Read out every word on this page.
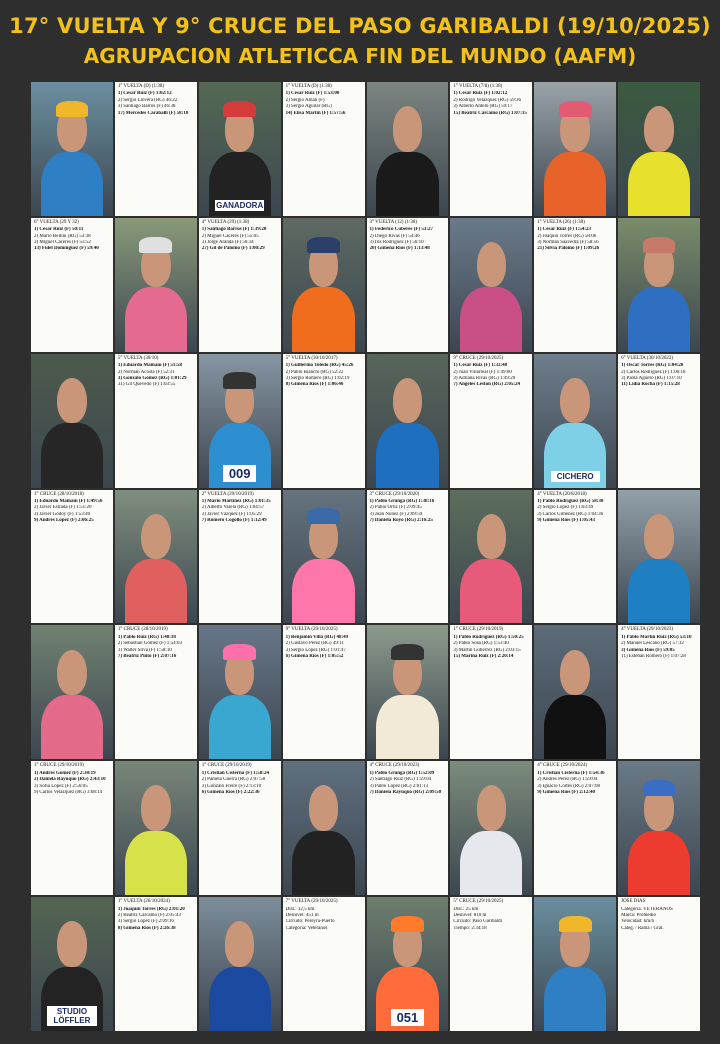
17° VUELTA Y 9° CRUCE DEL PASO GARIBALDI (19/10/2025)
AGRUPACION ATLETICCA FIN DEL MUNDO (AAFM)
1° VUELTA (D) (1:38)
1) César Ruiz (F) 1:02:12
2) Sergio Llovera (RG) 46:22
3) Santiago Barros (F) 46:38
17) Mercedes Caraballi (F) 58:10
GANADORA
1° VUELTA (D) (1:38)
1) César Ruiz (F) 1:53:00
2) Sergio Aman (F)
3) Sergio Aguilar (RG)
14) Elisa Martin (F) 1:57:56
1° VUELTA (7/8) (1:38)
1) César Ruiz (F) 1:02:12
2) Rodrigo Velázquez (RG) 59:36
3) Alberto Antelo (RG) 59:17
15) Beatriz Cárcamo (RG) 1:07:15
6° VUELTA (29 Y 32)
1) César Ruiz (F) 50:11
2) Mario Bellini (RG) 53:38
3) Miguel Cáceres (F) 53:52
13) Fidel Domínguez (F) 59:40
4° VUELTA (29) (1:38)
1) Santiago Barros (F) 1:39:20
2) Miguel Cáceres (F) 55:05
3) Jorge Aranda (F) 56:34
27) Gil de Palomo (F) 1:00:29
3° VUELTA (12) (1:38)
1) Federico Cuberes (F) 53:27
2) Diego Rivas (F) 54:46
3) Iris Rodríguez (F) 56:10
20) Gimena Ríos (F) 1:13:48
1° VUELTA (26) (1:38)
1) César Ruiz (F) 1:54:23
2) Joaquín Torres (RG) 58:06
3) Norman Saavedra (F) 58:56
21) Silvia Palomo (F) 1:09:26
5° VUELTA (30/10)
1) Eduardo Mamaní (F) 51:58
2) Norman Acosta (F) 52:31
3) Gonzalo Gómez (RG) 1:01:29
31) Gil Quevedo (F) 1:03:55
009
5° VUELTA (30/10/2017)
1) Guillermo Toledo (RG) 45:26
2) Pablo Bianchi (RG) 52:22
3) Sergio Romero (RG) 1:02:19
8) Gimena Ríos (F) 1:06:46
9° CRUCE (29/10/2025)
1) César Ruiz (F) 1:32:48
2) Juan Villarreal (F) 1:49:00
3) Adriana Rivas (RG) 1:49:20
7) Angeles Leston (RG) 2:05:24
CICHERO
6° VUELTA (30/10/2022)
1) Oscar Torres (RG) 1:04:28
2) Carlos Rodríguez (F) 1:06:18
3) Paola Agüero (RG) 1:07:10
11) Lidia Rocha (F) 1:15:28
1° CRUCE (28/10/2018)
1) Eduardo Mamaní (F) 1:49:56
2) Javier Estrada (F) 1:51:20
3) Javier Godoy (F) 1:53:40
9) Andrés López (F) 2:06:25
2° VUELTA (29/10/2019)
1) Mario Martínez (RG) 1:01:35
2) Alberto Varela (RG) 1:04:57
3) Javier Vázquez (F) 1:05:29
7) Romero Cogollo (F) 1:12:49
3° CRUCE (29/10/2020)
1) Pablo Grunga (RG) 1:38:16
2) Pablo Ortiz (F) 2:09:45
3) Juan Núñez (F) 2:09:59
7) Daniela Royo (RG) 2:16:25
4° VUELTA (20/8/2018)
1) Pablo Rodríguez (RG) 58:30
2) Sergio Lopez (F) 1:03:49
3) Carlos Giménez (RG) 1:04:36
9) Gimena Ríos (F) 1:05:43
1° CRUCE (28/10/2019)
1) Pablo Ruiz (RG) 1:40:18
2) Sebastián Gómez (F) 1:54:03
3) Walter Silva (F) 1:58:10
7) Beatriz Pinto (F) 2:07:16
9° VUELTA (29/10/2025)
1) Benjamin Villa (RG) 48:49
2) Gustavo Pérez (RG) 49:11
3) Sergio López (RG) 1:01:47
6) Gimena Ríos (F) 1:05:52
1° CRUCE (29/10/2019)
1) Pablo Rodríguez (RG) 1:50:25
2) Pablo Sosa (RG) 1:53:40
3) Martín Gutiérrez (RG) 2:03:15
15) Marina Ruiz (F) 2:20:14
4° VUELTA (29/10/2023)
1) Pablo Martín Ruiz (RG) 53:10
2) Manuel Lescano (RG) 57:12
3) Gimena Ríos (F) 59:05
11) Esteban Romero (F) 1:07:28
1° CRUCE (29/10/2019)
1) Andrés Gómez (F) 2:38:19
2) Daniela Rayuquo (RG) 2:43:10
3) Sofía López (F) 2:56:05
9) Carlos Velázquez (RG) 3:08:14
1° CRUCE (29/10/2019)
1) Cristian Cisterna (F) 1:58:24
2) Pamela Guerra (RG) 2:07:58
3) Gonzalo Freire (F) 2:13:10
6) Gimena Ríos (F) 2:22:36
4° CRUCE (29/10/2023)
1) Pablo Grunga (RG) 1:52:09
2) Santiago Ruiz (RG) 1:59:04
3) Pablo López (RG) 2:01:13
7) Daniela Rayuquo (RG) 2:09:50
4° CRUCE (29/10/2024)
1) Cristian Cisterna (F) 1:54:36
2) Andrés Pérez (RG) 1:59:04
3) Ignacio Cortés (RG) 2:07:08
9) Gimena Ríos (F) 2:12:40
STUDIO LÖFFLER
1° VUELTA (26/10/2024)
1) Joaquín Torres (RG) 2:01:20
2) Beatriz Cárcamo (F) 2:05:43
3) Sergio López (F) 2:09:16
8) Gimena Ríos (F) 2:26:38
7° VUELTA (29/10/2025)
Dist.: 12,5 km
Desnivel: 451 m
Circuito: Pereyra-Puerto
Categoría: Veteranos
051
5° CRUCE (29/10/2025)
Dist.: 25 km
Desnivel: 810 m
Circuito: Paso Garibaldi
Tiempo: 2:34:18
JOSE DIAS
Categoría: VETERANOS
Marca: Promedio
Velocidad: km/h
Categ. / Rama / Gral.
